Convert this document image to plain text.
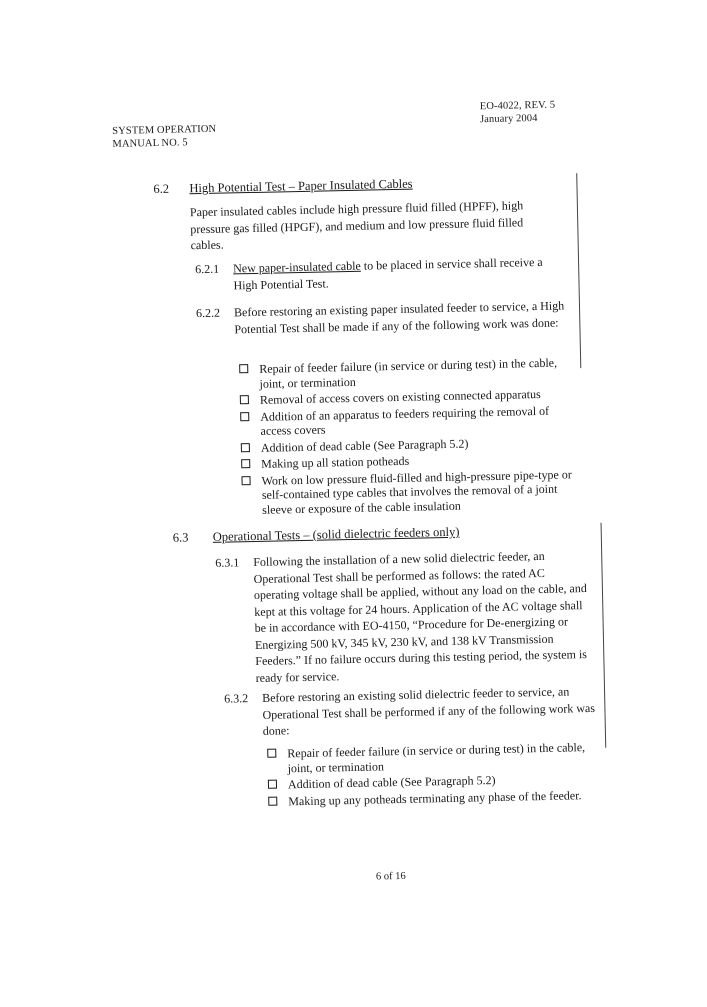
SYSTEM OPERATION
MANUAL NO. 5
EO-4022, REV. 5
January 2004
6.2 High Potential Test – Paper Insulated Cables
Paper insulated cables include high pressure fluid filled (HPFF), high pressure gas filled (HPGF), and medium and low pressure fluid filled cables.
6.2.1 New paper-insulated cable to be placed in service shall receive a High Potential Test.
6.2.2 Before restoring an existing paper insulated feeder to service, a High Potential Test shall be made if any of the following work was done:
Repair of feeder failure (in service or during test) in the cable, joint, or termination
Removal of access covers on existing connected apparatus
Addition of an apparatus to feeders requiring the removal of access covers
Addition of dead cable (See Paragraph 5.2)
Making up all station potheads
Work on low pressure fluid-filled and high-pressure pipe-type or self-contained type cables that involves the removal of a joint sleeve or exposure of the cable insulation
6.3 Operational Tests – (solid dielectric feeders only)
6.3.1 Following the installation of a new solid dielectric feeder, an Operational Test shall be performed as follows: the rated AC operating voltage shall be applied, without any load on the cable, and kept at this voltage for 24 hours. Application of the AC voltage shall be in accordance with EO-4150, “Procedure for De-energizing or Energizing 500 kV, 345 kV, 230 kV, and 138 kV Transmission Feeders.” If no failure occurs during this testing period, the system is ready for service.
6.3.2 Before restoring an existing solid dielectric feeder to service, an Operational Test shall be performed if any of the following work was done:
Repair of feeder failure (in service or during test) in the cable, joint, or termination
Addition of dead cable (See Paragraph 5.2)
Making up any potheads terminating any phase of the feeder.
6 of 16
